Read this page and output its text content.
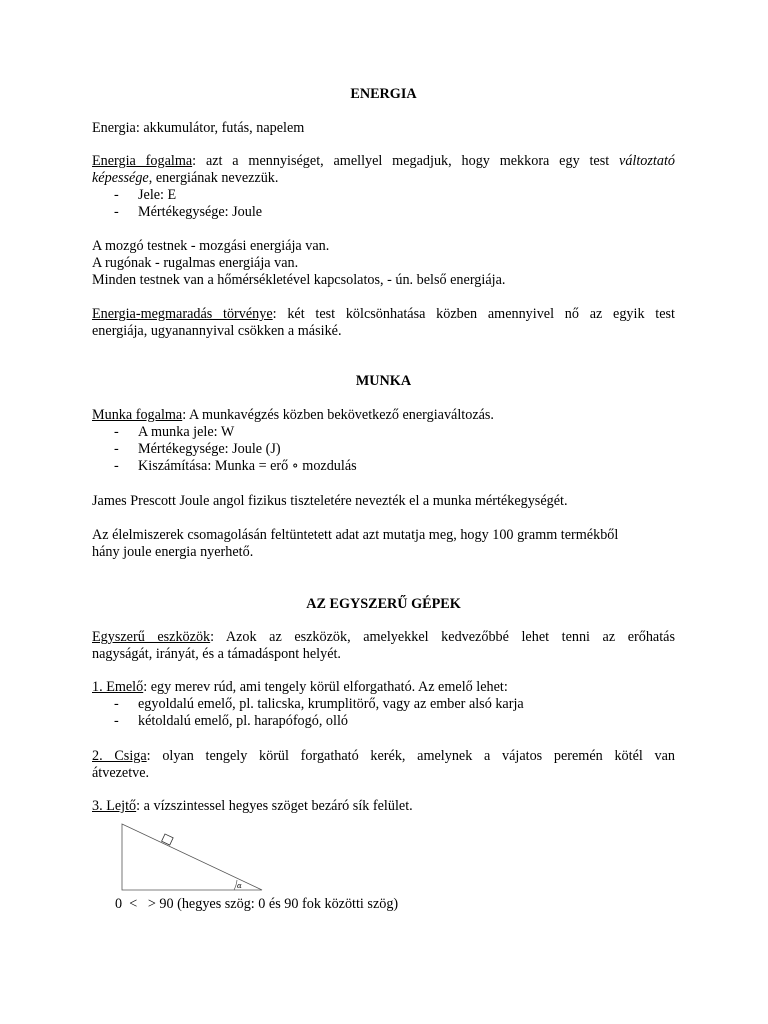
ENERGIA
Energia: akkumulátor, futás, napelem
Energia fogalma: azt a mennyiséget, amellyel megadjuk, hogy mekkora egy test változtató
képessége, energiának nevezzük.
- Jele: E
- Mértékegysége: Joule
A mozgó testnek - mozgási energiája van.
A rugónak - rugalmas energiája van.
Minden testnek van a hőmérsékletével kapcsolatos, - ún. belső energiája.
Energia-megmaradás törvénye: két test kölcsönhatása közben amennyivel nő az egyik test
energiája, ugyanannyival csökken a másiké.
MUNKA
Munka fogalma: A munkavégzés közben bekövetkező energiaváltozás.
- A munka jele: W
- Mértékegysége: Joule (J)
- Kiszámítása: Munka = erő ∘ mozdulás
James Prescott Joule angol fizikus tiszteletére nevezték el a munka mértékegységét.
Az élelmiszerek csomagolásán feltüntetett adat azt mutatja meg, hogy 100 gramm termékből
hány joule energia nyerhető.
AZ EGYSZERŰ GÉPEK
Egyszerű eszközök: Azok az eszközök, amelyekkel kedvezőbbé lehet tenni az erőhatás
nagyságát, irányát, és a támadáspont helyét.
1. Emelő: egy merev rúd, ami tengely körül elforgatható. Az emelő lehet:
- egyoldalú emelő, pl. talicska, krumplitörő, vagy az ember alsó karja
- kétoldalú emelő, pl. harapófogó, olló
2. Csiga: olyan tengely körül forgatható kerék, amelynek a vájatos peremén kötél van
átvezetve.
3. Lejtő: a vízszintessel hegyes szöget bezáró sík felület.
α
0  <   > 90 (hegyes szög: 0 és 90 fok közötti szög)
